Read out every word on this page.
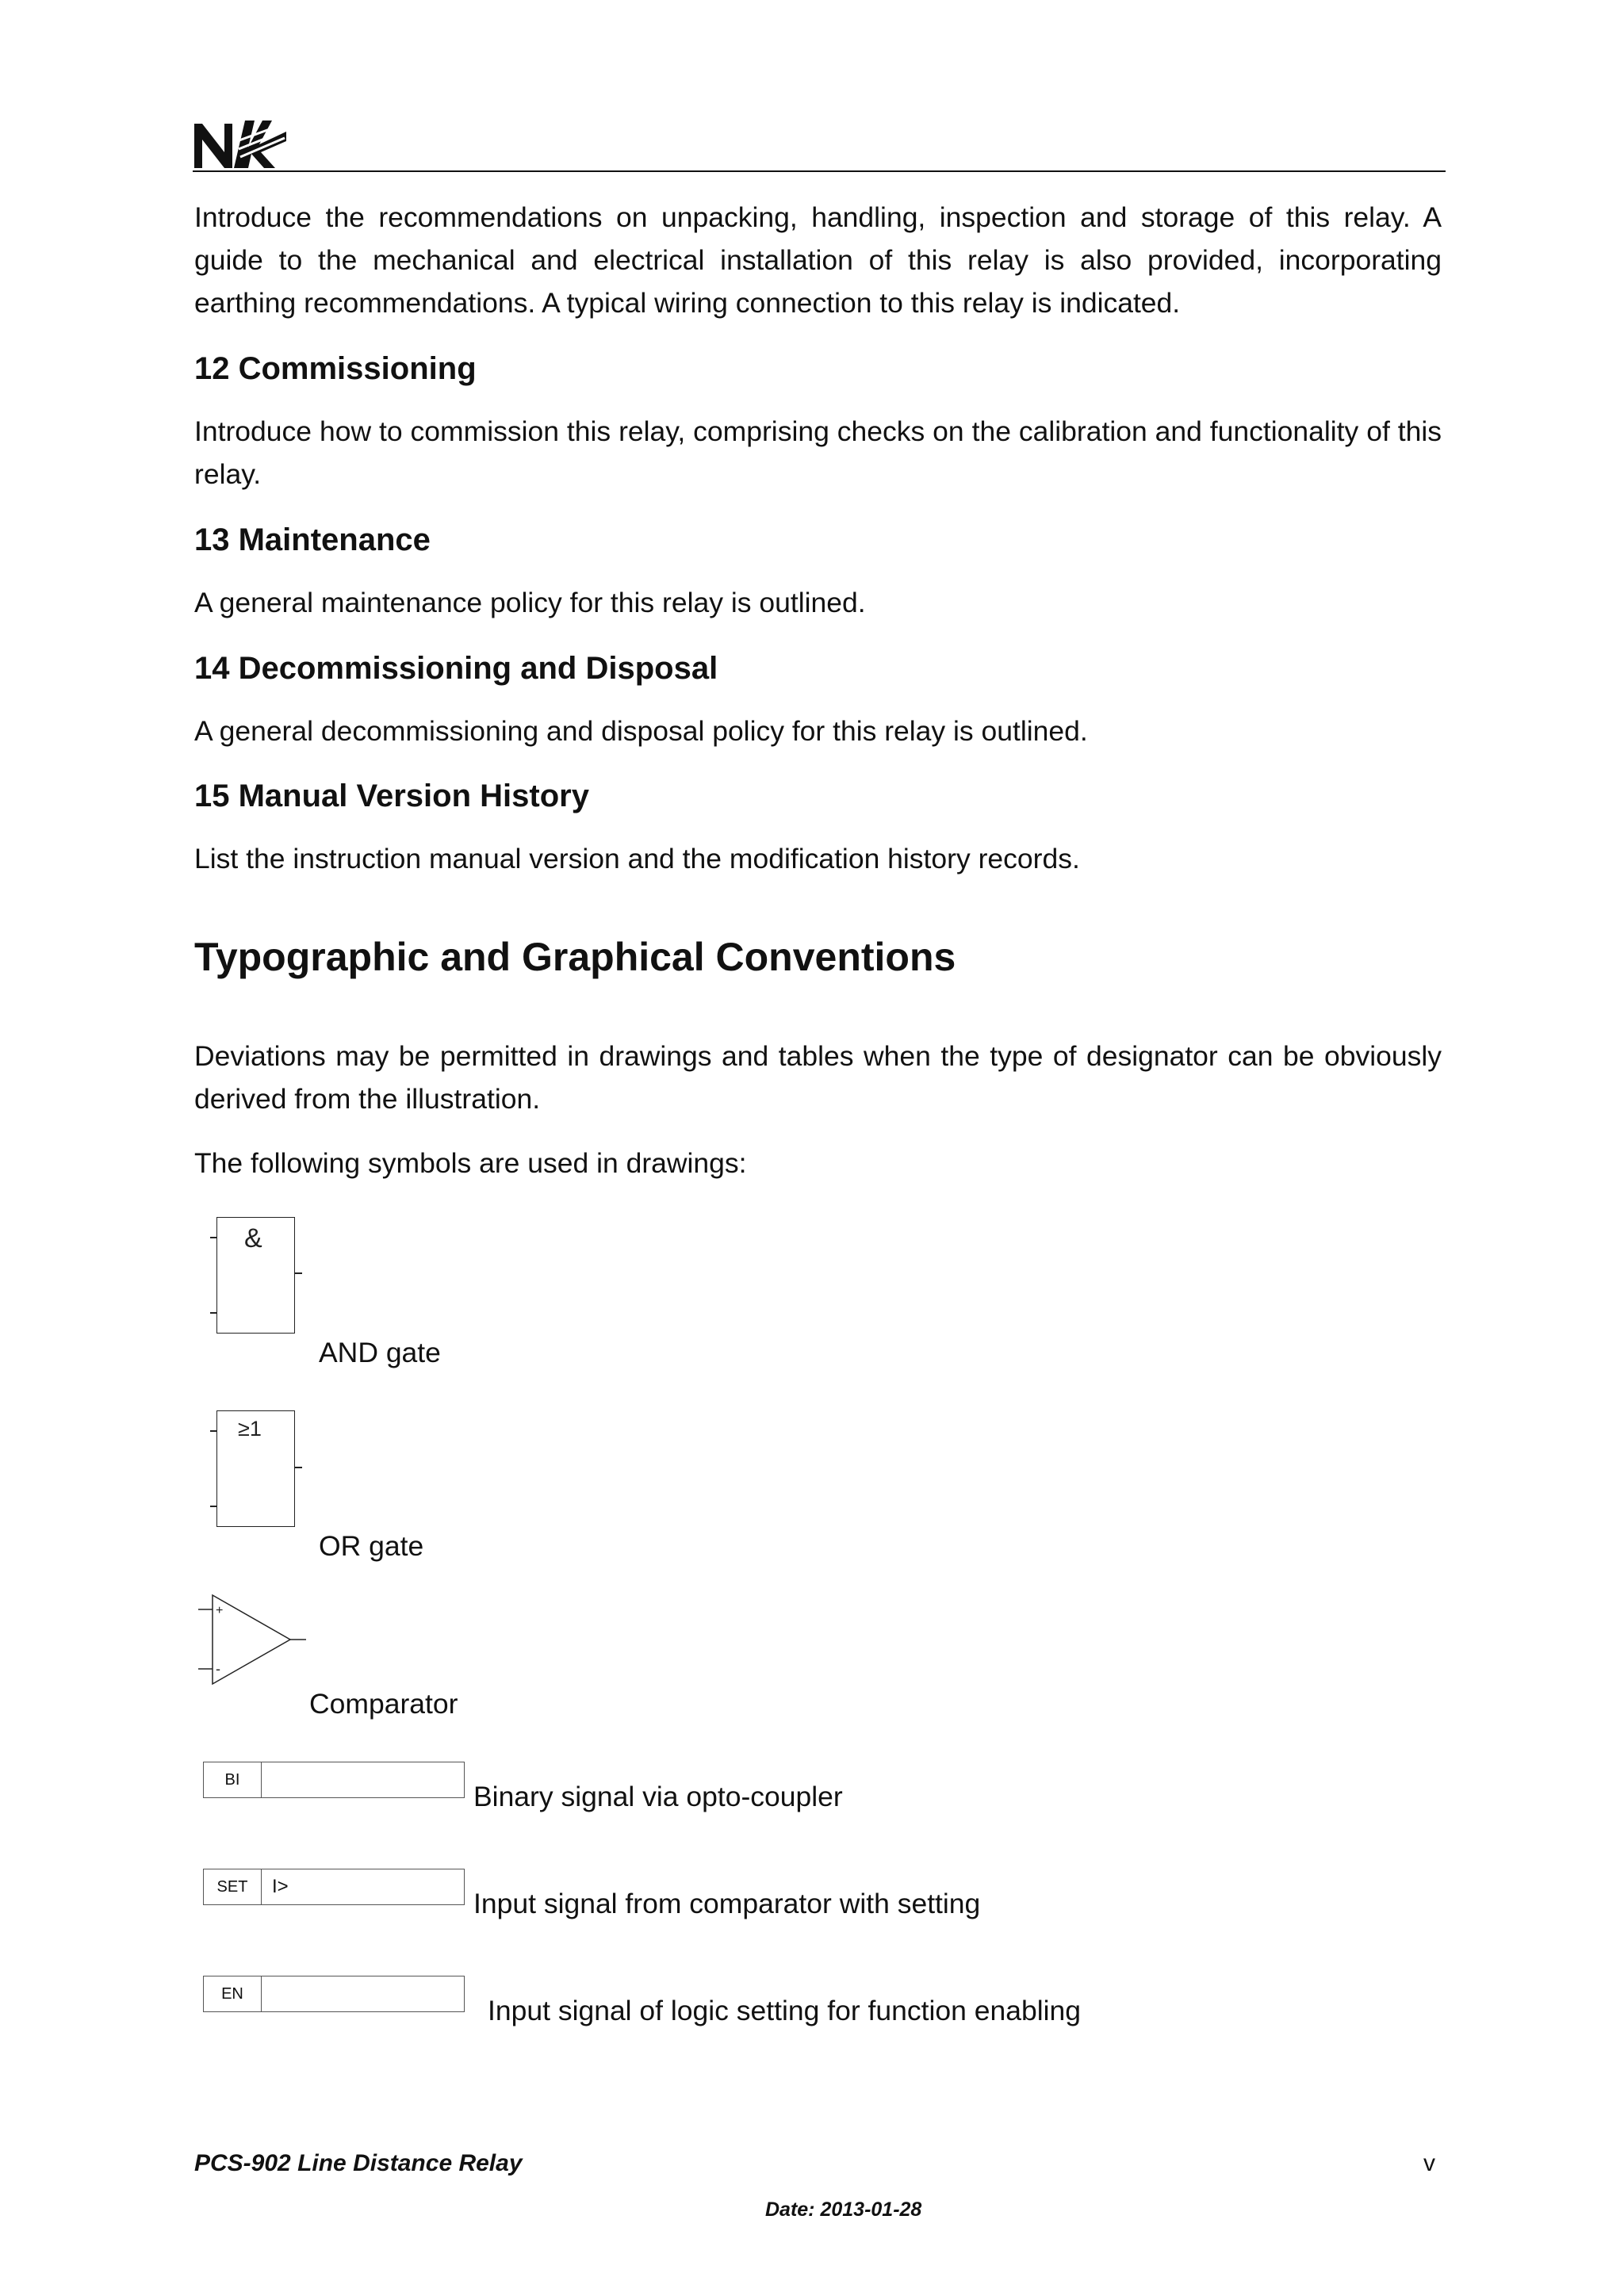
Introduce the recommendations on unpacking, handling, inspection and storage of this relay. A guide to the mechanical and electrical installation of this relay is also provided, incorporating earthing recommendations. A typical wiring connection to this relay is indicated.

12 Commissioning

Introduce how to commission this relay, comprising checks on the calibration and functionality of this relay.

13 Maintenance

A general maintenance policy for this relay is outlined.

14 Decommissioning and Disposal

A general decommissioning and disposal policy for this relay is outlined.

15 Manual Version History

List the instruction manual version and the modification history records.

Typographic and Graphical Conventions

Deviations may be permitted in drawings and tables when the type of designator can be obviously derived from the illustration.

The following symbols are used in drawings:

&
AND gate
≥1
OR gate
+
-
Comparator
BI
Binary signal via opto-coupler
SET	I>
Input signal from comparator with setting
EN
Input signal of logic setting for function enabling
PCS-902 Line Distance Relay	v
Date: 2013-01-28
